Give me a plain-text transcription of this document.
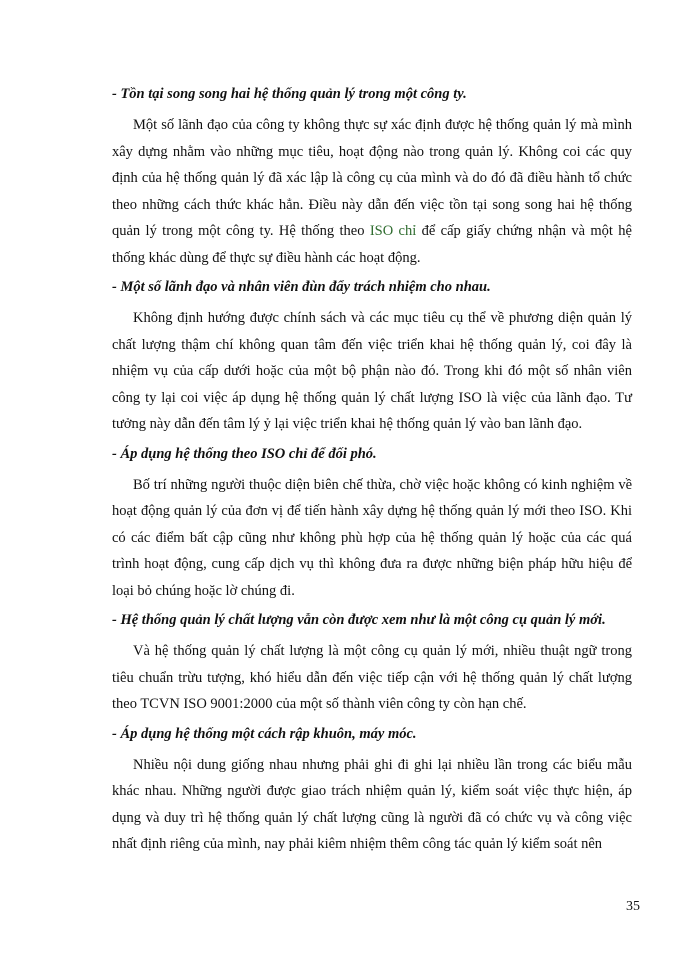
- Tồn tại song song hai hệ thống quản lý trong một công ty.

Một số lãnh đạo của công ty không thực sự xác định được hệ thống quản lý mà mình xây dựng nhằm vào những mục tiêu, hoạt động nào trong quản lý. Không coi các quy định của hệ thống quản lý đã xác lập là công cụ của mình và do đó đã điều hành tổ chức theo những cách thức khác hẳn. Điều này dẫn đến việc tồn tại song song hai hệ thống quản lý trong một công ty. Hệ thống theo ISO chỉ để cấp giấy chứng nhận và một hệ thống khác dùng để thực sự điều hành các hoạt động.

- Một số lãnh đạo và nhân viên đùn đẩy trách nhiệm cho nhau.

Không định hướng được chính sách và các mục tiêu cụ thể về phương diện quản lý chất lượng thậm chí không quan tâm đến việc triển khai hệ thống quản lý, coi đây là nhiệm vụ của cấp dưới hoặc của một bộ phận nào đó. Trong khi đó một số nhân viên công ty lại coi việc áp dụng hệ thống quản lý chất lượng ISO là việc của lãnh đạo. Tư tưởng này dẫn đến tâm lý ỷ lại việc triển khai hệ thống quản lý vào ban lãnh đạo.

- Áp dụng hệ thống theo ISO chỉ để đối phó.

Bố trí những người thuộc diện biên chế thừa, chờ việc hoặc không có kinh nghiệm về hoạt động quản lý của đơn vị để tiến hành xây dựng hệ thống quản lý mới theo ISO. Khi có các điểm bất cập cũng như không phù hợp của hệ thống quản lý hoặc của các quá trình hoạt động, cung cấp dịch vụ thì không đưa ra được những biện pháp hữu hiệu để loại bỏ chúng hoặc lờ chúng đi.

- Hệ thống quản lý chất lượng vẫn còn được xem như là một công cụ quản lý mới.

Và hệ thống quản lý chất lượng là một công cụ quản lý mới, nhiều thuật ngữ trong tiêu chuẩn trừu tượng, khó hiểu dẫn đến việc tiếp cận với hệ thống quản lý chất lượng theo TCVN ISO 9001:2000 của một số thành viên công ty còn hạn chế.

- Áp dụng hệ thống một cách rập khuôn, máy móc.

Nhiều nội dung giống nhau nhưng phải ghi đi ghi lại nhiều lần trong các biểu mẫu khác nhau. Những người được giao trách nhiệm quản lý, kiểm soát việc thực hiện, áp dụng và duy trì hệ thống quản lý chất lượng cũng là người đã có chức vụ và công việc nhất định riêng của mình, nay phải kiêm nhiệm thêm công tác quản lý kiểm soát nên

35
